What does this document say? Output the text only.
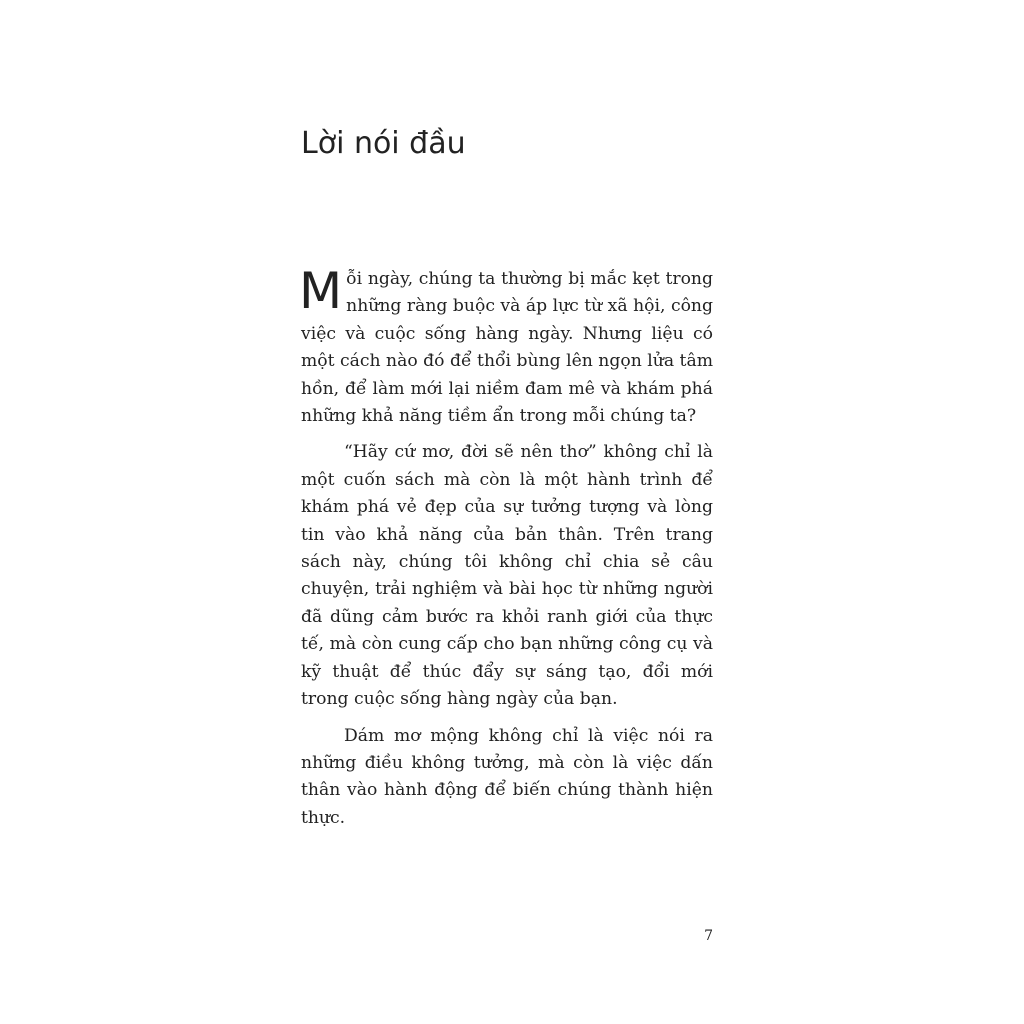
Lời nói đầu

Mỗi ngày, chúng ta thường bị mắc kẹt trong những ràng buộc và áp lực từ xã hội, công việc và cuộc sống hàng ngày. Nhưng liệu có một cách nào đó để thổi bùng lên ngọn lửa tâm hồn, để làm mới lại niềm đam mê và khám phá những khả năng tiềm ẩn trong mỗi chúng ta?

“Hãy cứ mơ, đời sẽ nên thơ” không chỉ là một cuốn sách mà còn là một hành trình để khám phá vẻ đẹp của sự tưởng tượng và lòng tin vào khả năng của bản thân. Trên trang sách này, chúng tôi không chỉ chia sẻ câu chuyện, trải nghiệm và bài học từ những người đã dũng cảm bước ra khỏi ranh giới của thực tế, mà còn cung cấp cho bạn những công cụ và kỹ thuật để thúc đẩy sự sáng tạo, đổi mới trong cuộc sống hàng ngày của bạn.

Dám mơ mộng không chỉ là việc nói ra những điều không tưởng, mà còn là việc dấn thân vào hành động để biến chúng thành hiện thực.

7
